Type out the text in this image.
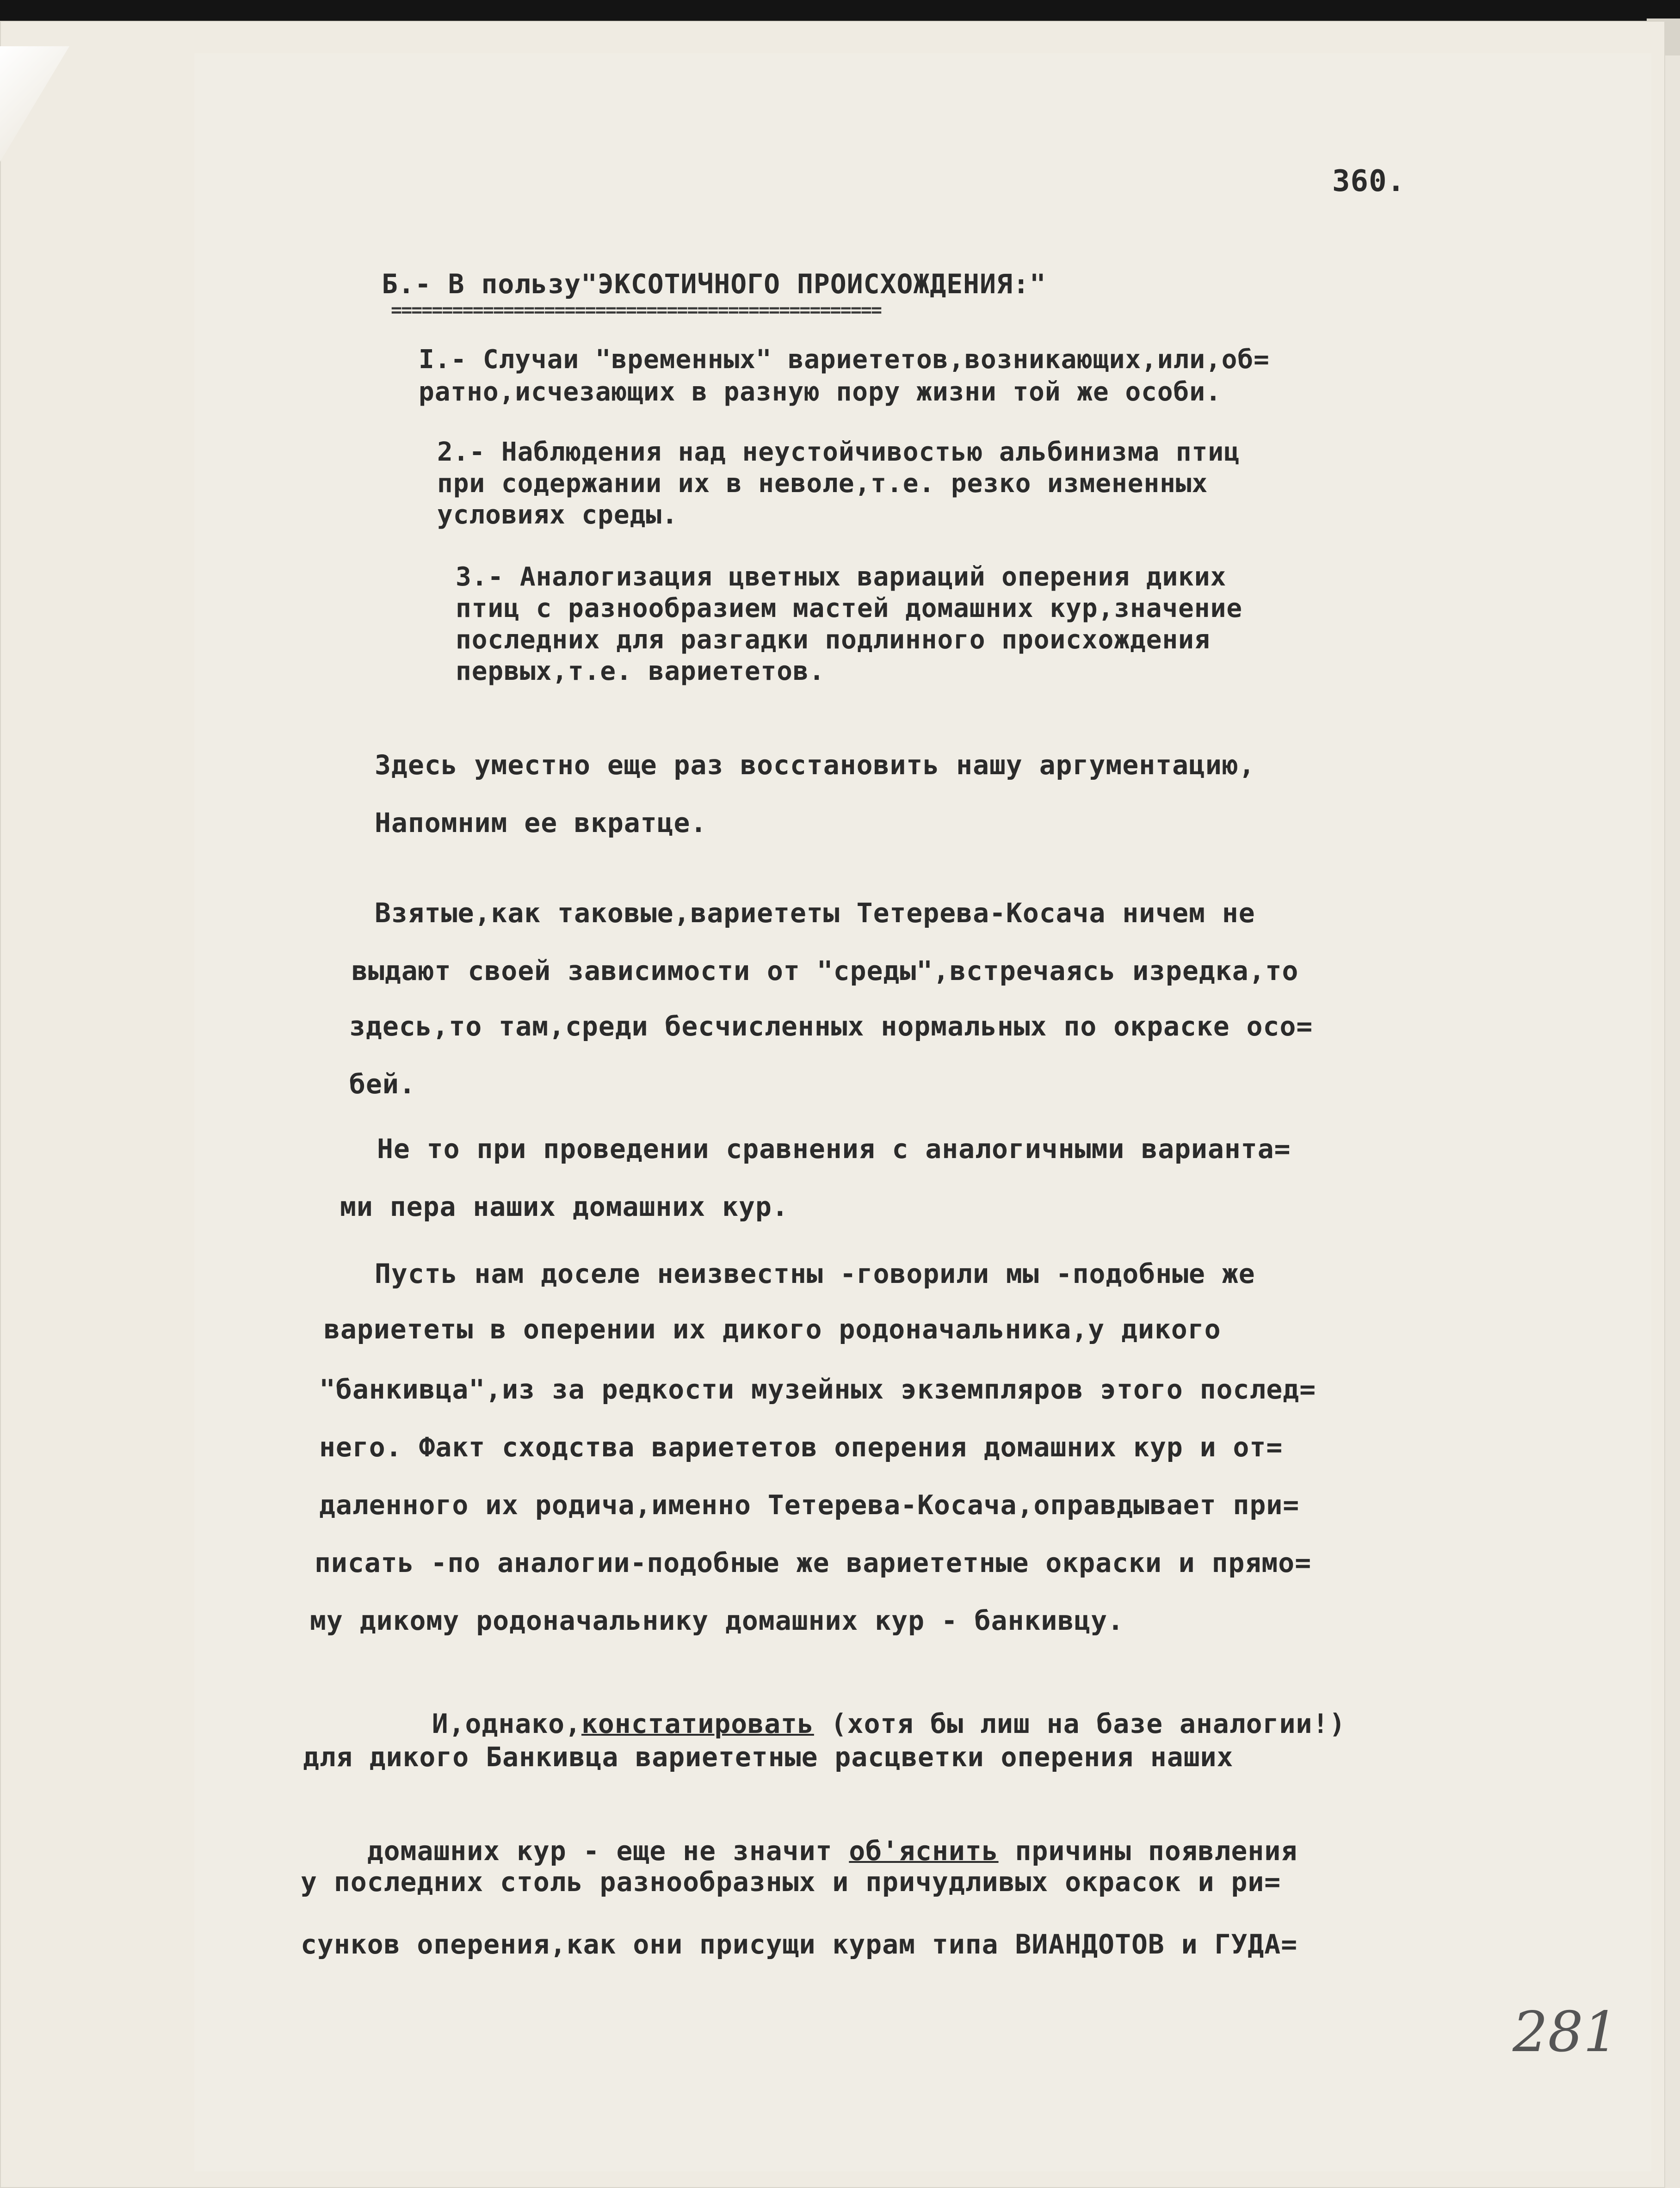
360.
Б.- В пользу"ЭКСОТИЧНОГО ПРОИСХОЖДЕНИЯ:"
================================================
I.- Случаи "временных" вариететов,возникающих,или,об=
ратно,исчезающих в разную пору жизни той же особи.
2.- Наблюдения над неустойчивостью альбинизма птиц
при содержании их в неволе,т.е. резко измененных
условиях среды.
3.- Аналогизация цветных вариаций оперения диких
птиц с разнообразием мастей домашних кур,значение
последних для разгадки подлинного происхождения
первых,т.е. вариететов.
Здесь уместно еще раз восстановить нашу аргументацию,
Напомним ее вкратце.
Взятые,как таковые,вариететы Тетерева-Косача ничем не
выдают своей зависимости от "среды",встречаясь изредка,то
здесь,то там,среди бесчисленных нормальных по окраске осо=
бей.
Не то при проведении сравнения с аналогичными варианта=
ми пера наших домашних кур.
Пусть нам доселе неизвестны -говорили мы -подобные же
вариететы в оперении их дикого родоначальника,у дикого
"банкивца",из за редкости музейных экземпляров этого послед=
него. Факт сходства вариететов оперения домашних кур и от=
даленного их родича,именно Тетерева-Косача,оправдывает при=
писать -по аналогии-подобные же вариететные окраски и прямо=
му дикому родоначальнику домашних кур - банкивцу.

И,однако,констатировать (хотя бы лиш на базе аналогии!)

для дикого Банкивца вариететные расцветки оперения наших

домашних кур - еще не значит об'яснить причины появления

у последних столь разнообразных и причудливых окрасок и ри=
сунков оперения,как они присущи курам типа ВИАНДОТОВ и ГУДА=
281
